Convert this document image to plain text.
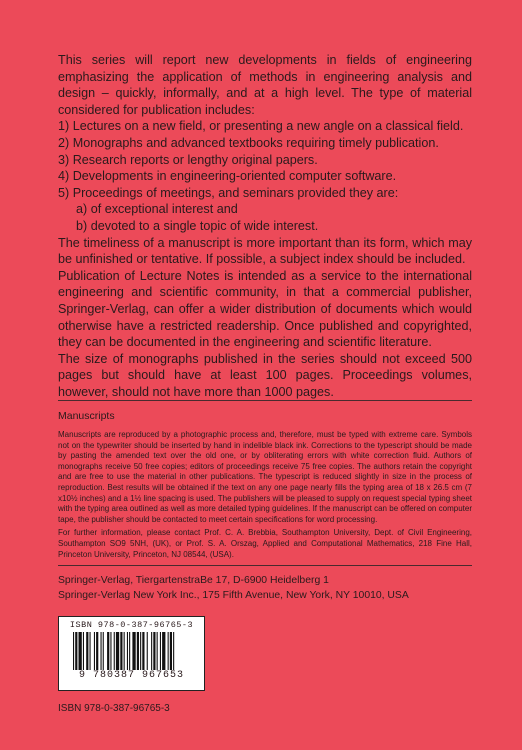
This series will report new developments in fields of engineering emphasizing the application of methods in engineering analysis and design – quickly, informally, and at a high level. The type of material considered for publication includes:

1) Lectures on a new field, or presenting a new angle on a classical field.
2) Monographs and advanced textbooks requiring timely publication.
3) Research reports or lengthy original papers.
4) Developments in engineering-oriented computer software.
5) Proceedings of meetings, and seminars provided they are:
a) of exceptional interest and
b) devoted to a single topic of wide interest.

The timeliness of a manuscript is more important than its form, which may be unfinished or tentative. If possible, a subject index should be included.

Publication of Lecture Notes is intended as a service to the international engineering and scientific community, in that a commercial publisher, Springer-Verlag, can offer a wider distribution of documents which would otherwise have a restricted readership. Once published and copyrighted, they can be documented in the engineering and scientific literature.

The size of monographs published in the series should not exceed 500 pages but should have at least 100 pages. Proceedings volumes, however, should not have more than 1000 pages.

Manuscripts

Manuscripts are reproduced by a photographic process and, therefore, must be typed with extreme care. Symbols not on the typewriter should be inserted by hand in indelible black ink. Corrections to the typescript should be made by pasting the amended text over the old one, or by obliterating errors with white correction fluid. Authors of monographs receive 50 free copies; editors of proceedings receive 75 free copies. The authors retain the copyright and are free to use the material in other publications. The typescript is reduced slightly in size in the process of reproduction. Best results will be obtained if the text on any one page nearly fills the typing area of 18 x 26.5 cm (7 x10½ inches) and a 1½ line spacing is used. The publishers will be pleased to supply on request special typing sheet with the typing area outlined as well as more detailed typing guidelines. If the manuscript can be offered on computer tape, the publisher should be contacted to meet certain specifications for word processing.

For further information, please contact Prof. C. A. Brebbia, Southampton University, Dept. of Civil Engineering, Southampton SO9 5NH, (UK), or Prof. S. A. Orszag, Applied and Computational Mathematics, 218 Fine Hall, Princeton University, Princeton, NJ 08544, (USA).

Springer-Verlag, TiergartenstraBe 17, D-6900 Heidelberg 1
Springer-Verlag New York Inc., 175 Fifth Avenue, New York, NY 10010, USA
ISBN 978-0-387-96765-3
9 780387 967653
ISBN 978-0-387-96765-3
